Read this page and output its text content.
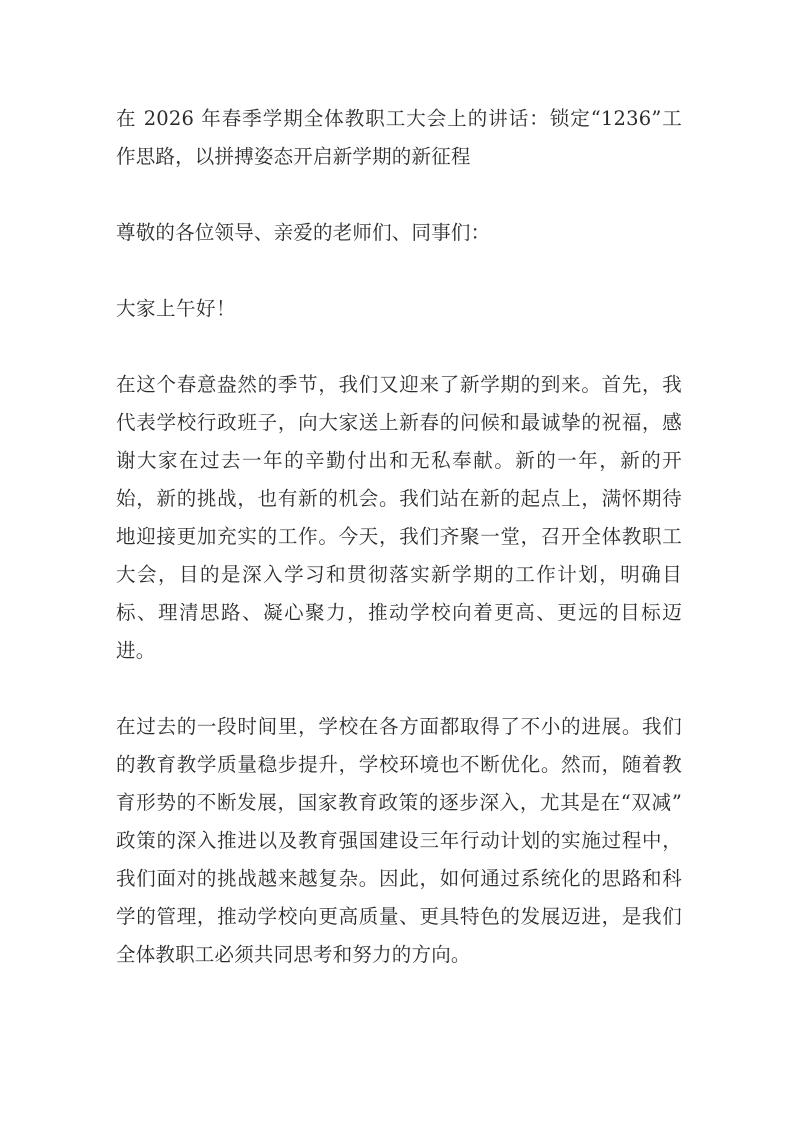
在 2026 年春季学期全体教职工大会上的讲话：锁定“1236”工作思路，以拼搏姿态开启新学期的新征程

尊敬的各位领导、亲爱的老师们、同事们：

大家上午好！

在这个春意盎然的季节，我们又迎来了新学期的到来。首先，我代表学校行政班子，向大家送上新春的问候和最诚挚的祝福，感谢大家在过去一年的辛勤付出和无私奉献。新的一年，新的开始，新的挑战，也有新的机会。我们站在新的起点上，满怀期待地迎接更加充实的工作。今天，我们齐聚一堂，召开全体教职工大会，目的是深入学习和贯彻落实新学期的工作计划，明确目标、理清思路、凝心聚力，推动学校向着更高、更远的目标迈进。

在过去的一段时间里，学校在各方面都取得了不小的进展。我们的教育教学质量稳步提升，学校环境也不断优化。然而，随着教育形势的不断发展，国家教育政策的逐步深入，尤其是在“双减”政策的深入推进以及教育强国建设三年行动计划的实施过程中，我们面对的挑战越来越复杂。因此，如何通过系统化的思路和科学的管理，推动学校向更高质量、更具特色的发展迈进，是我们全体教职工必须共同思考和努力的方向。
